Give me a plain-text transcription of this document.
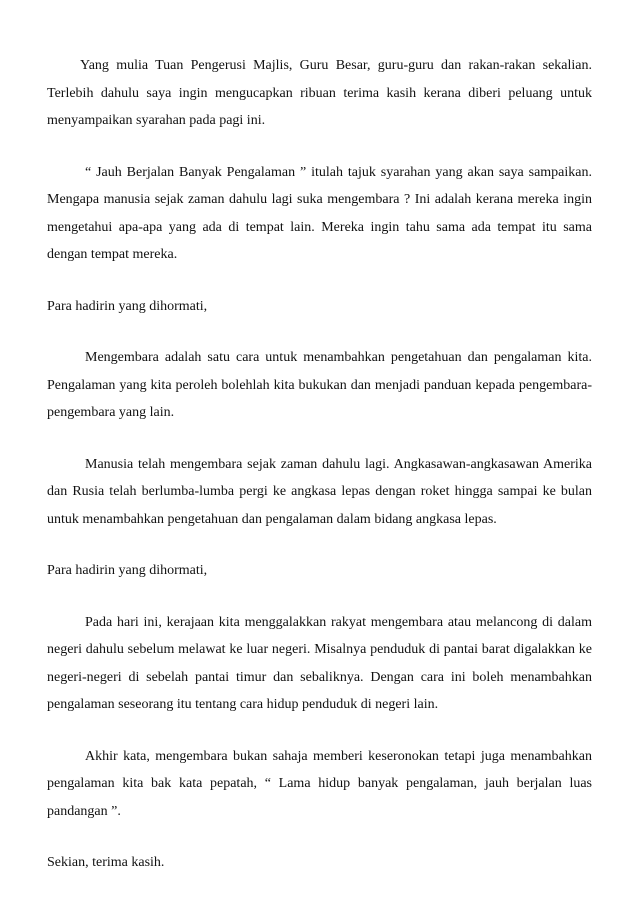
Yang mulia Tuan Pengerusi Majlis, Guru Besar, guru-guru dan rakan-rakan sekalian. Terlebih dahulu saya ingin mengucapkan ribuan terima kasih kerana diberi peluang untuk menyampaikan syarahan pada pagi ini.

“ Jauh Berjalan Banyak Pengalaman ” itulah tajuk syarahan yang akan saya sampaikan. Mengapa manusia sejak zaman dahulu lagi suka mengembara ? Ini adalah kerana mereka ingin mengetahui apa-apa yang ada di tempat lain. Mereka ingin tahu sama ada tempat itu sama dengan tempat mereka.

Para hadirin yang dihormati,

Mengembara adalah satu cara untuk menambahkan pengetahuan dan pengalaman kita. Pengalaman yang kita peroleh bolehlah kita bukukan dan menjadi panduan kepada pengembara-pengembara yang lain.

Manusia telah mengembara sejak zaman dahulu lagi. Angkasawan-angkasawan Amerika dan Rusia telah berlumba-lumba pergi ke angkasa lepas dengan roket hingga sampai ke bulan untuk menambahkan pengetahuan dan pengalaman dalam bidang angkasa lepas.

Para hadirin yang dihormati,

Pada hari ini, kerajaan kita menggalakkan rakyat mengembara atau melancong di dalam negeri dahulu sebelum melawat ke luar negeri. Misalnya penduduk di pantai barat digalakkan ke negeri-negeri di sebelah pantai timur dan sebaliknya. Dengan cara ini boleh menambahkan pengalaman seseorang itu tentang cara hidup penduduk di negeri lain.

Akhir kata, mengembara bukan sahaja memberi keseronokan tetapi juga menambahkan pengalaman kita bak kata pepatah, “ Lama hidup banyak pengalaman, jauh berjalan luas pandangan ”.

Sekian, terima kasih.
